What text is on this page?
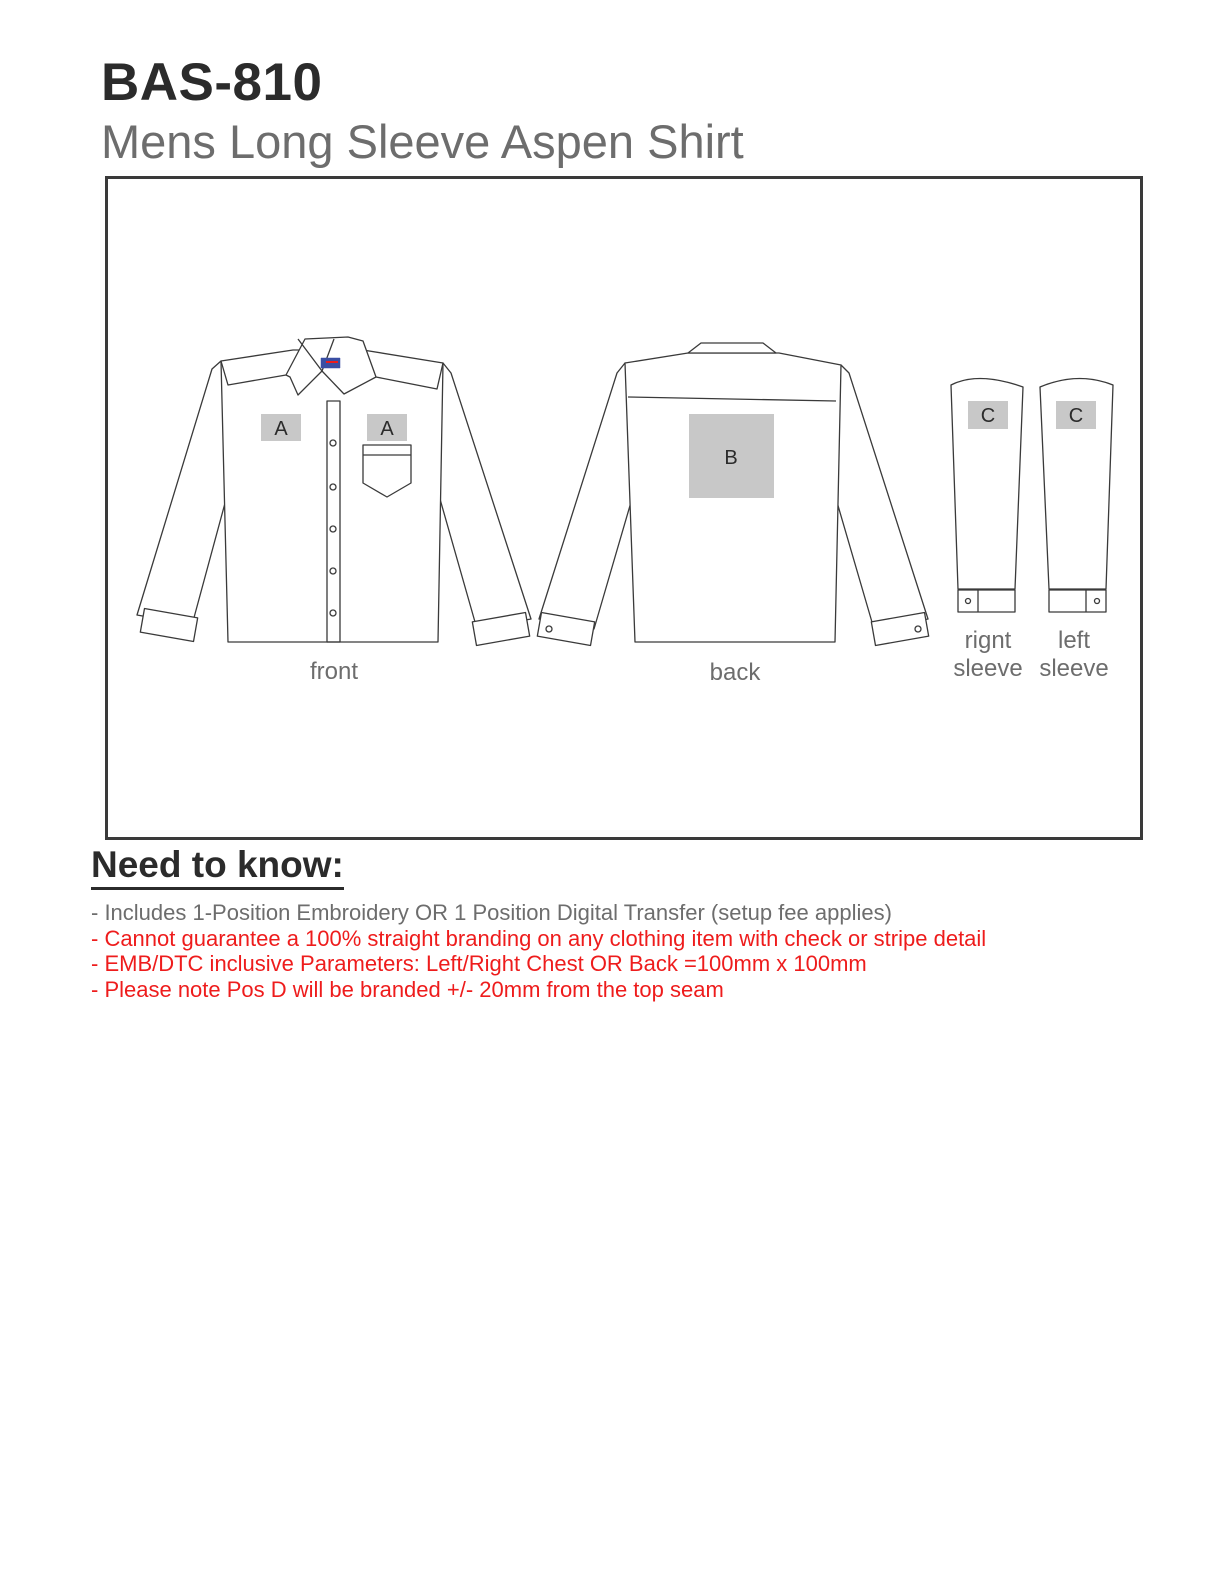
BAS-810
Mens Long Sleeve Aspen Shirt
A	A
B
C	C
front	back
rignt
sleeve
left
sleeve
Need to know:
- Includes 1-Position Embroidery OR 1 Position Digital Transfer (setup fee applies)
- Cannot guarantee a 100% straight branding on any clothing item with check or stripe detail
- EMB/DTC inclusive Parameters: Left/Right Chest OR Back =100mm x 100mm
- Please note Pos D will be branded +/- 20mm from the top seam
